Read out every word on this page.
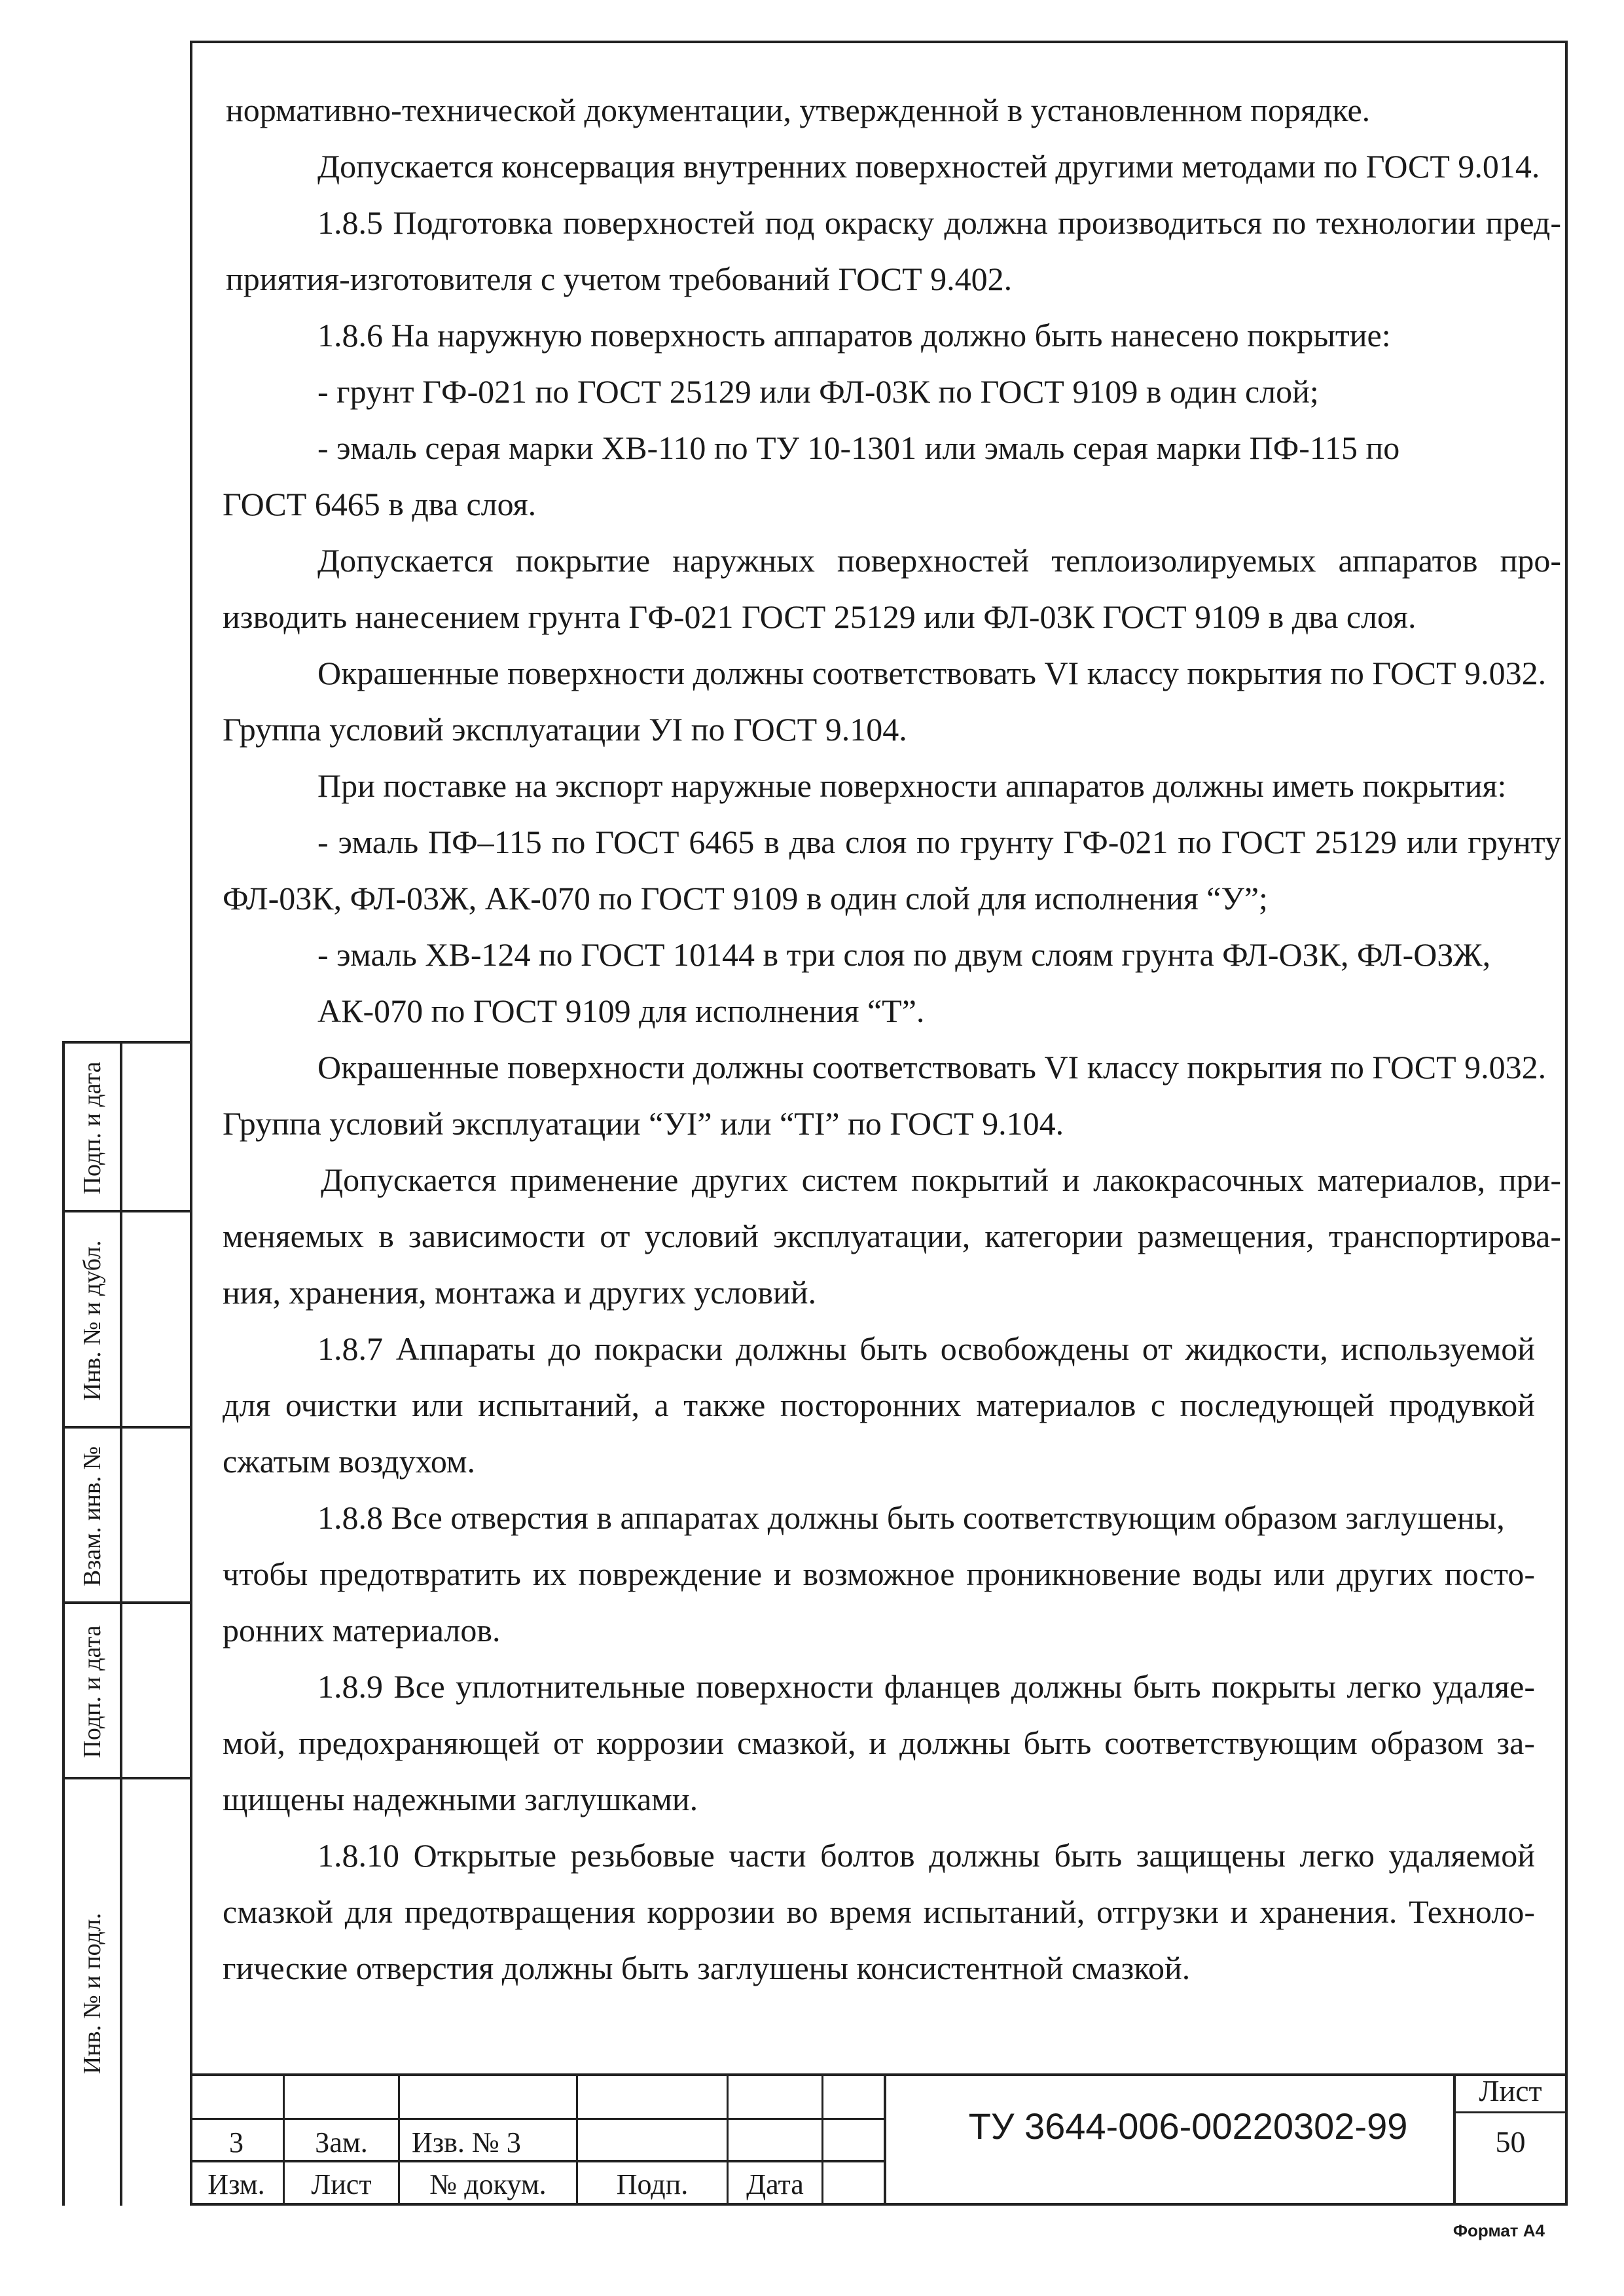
нормативно-технической документации, утвержденной в установленном порядке.
Допускается консервация внутренних поверхностей другими методами по ГОСТ 9.014.
1.8.5 Подготовка поверхностей под окраску должна производиться по технологии пред-
приятия-изготовителя с учетом требований ГОСТ 9.402.
1.8.6 На наружную поверхность аппаратов должно быть нанесено покрытие:
- грунт ГФ-021 по ГОСТ 25129 или ФЛ-03К по ГОСТ 9109 в один слой;
- эмаль серая марки ХВ-110 по ТУ 10-1301 или эмаль серая марки ПФ-115 по
ГОСТ 6465 в два слоя.
Допускается покрытие наружных поверхностей теплоизолируемых аппаратов про-
изводить нанесением грунта ГФ-021 ГОСТ 25129 или ФЛ-03К ГОСТ 9109 в два слоя.
Окрашенные поверхности должны соответствовать VI классу покрытия по ГОСТ 9.032.
Группа условий эксплуатации УI по ГОСТ 9.104.
При поставке на экспорт наружные поверхности аппаратов должны иметь покрытия:
- эмаль ПФ–115 по ГОСТ 6465 в два слоя по грунту ГФ-021 по ГОСТ 25129 или грунту
ФЛ-03К, ФЛ-03Ж, АК-070 по ГОСТ 9109 в один слой для исполнения “У”;
- эмаль ХВ-124 по ГОСТ 10144 в три слоя по двум слоям грунта ФЛ-ОЗК, ФЛ-ОЗЖ,
АК-070 по ГОСТ 9109 для исполнения “Т”.
Окрашенные поверхности должны соответствовать VI классу покрытия по ГОСТ 9.032.
Группа условий эксплуатации “УI” или “ТI” по ГОСТ 9.104.
Допускается применение других систем покрытий и лакокрасочных материалов, при-
меняемых в зависимости от условий эксплуатации, категории размещения, транспортирова-
ния, хранения, монтажа и других условий.
1.8.7 Аппараты до покраски должны быть освобождены от жидкости, используемой
для очистки или испытаний, а также посторонних материалов с последующей продувкой
сжатым воздухом.
1.8.8 Все отверстия в аппаратах должны быть соответствующим образом заглушены,
чтобы предотвратить их повреждение и возможное проникновение воды или других посто-
ронних материалов.
1.8.9 Все уплотнительные поверхности фланцев должны быть покрыты легко удаляе-
мой, предохраняющей от коррозии смазкой, и должны быть соответствующим образом за-
щищены надежными заглушками.
1.8.10 Открытые резьбовые части болтов должны быть защищены легко удаляемой
смазкой для предотвращения коррозии во время испытаний, отгрузки и хранения. Техноло-
гические отверстия должны быть заглушены консистентной смазкой.
Подп. и дата
Инв. № и дубл.
Взам. инв. №
Подп. и дата
Инв. № и подл.
3	Зам.	Изв. № 3
Изм.	Лист	№ докум.	Подп.	Дата
ТУ 3644-006-00220302-99
Лист
50
Формат А4
